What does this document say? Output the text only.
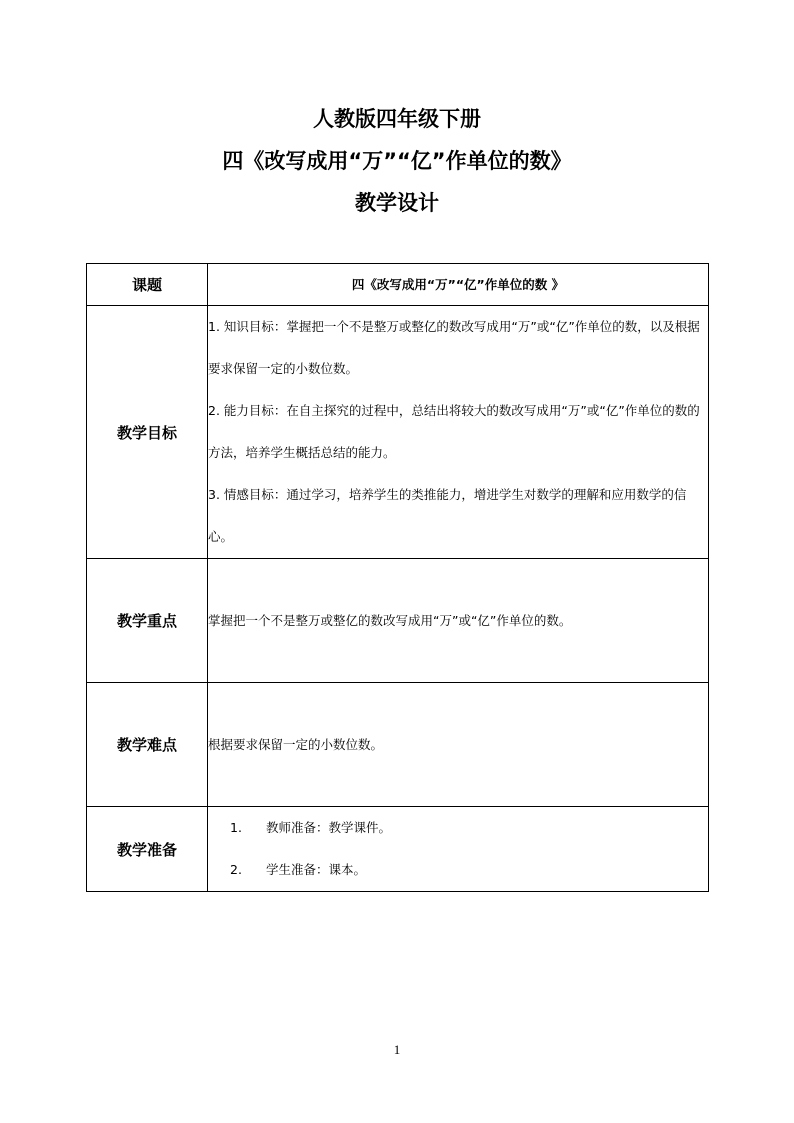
人教版四年级下册
四《改写成用“万”“亿”作单位的数》
教学设计
课题	四《改写成用“万”“亿”作单位的数 》
教学目标	1. 知识目标：掌握把一个不是整万或整亿的数改写成用“万”或“亿”作单位的数，以及根据要求保留一定的小数位数。

2. 能力目标：在自主探究的过程中，总结出将较大的数改写成用“万”或“亿”作单位的数的方法，培养学生概括总结的能力。

3. 情感目标：通过学习，培养学生的类推能力，增进学生对数学的理解和应用数学的信心。

教学重点	掌握把一个不是整万或整亿的数改写成用“万”或“亿”作单位的数。
教学难点	根据要求保留一定的小数位数。
教学准备	1. 教师准备：教学课件。
2. 学生准备：课本。
1
